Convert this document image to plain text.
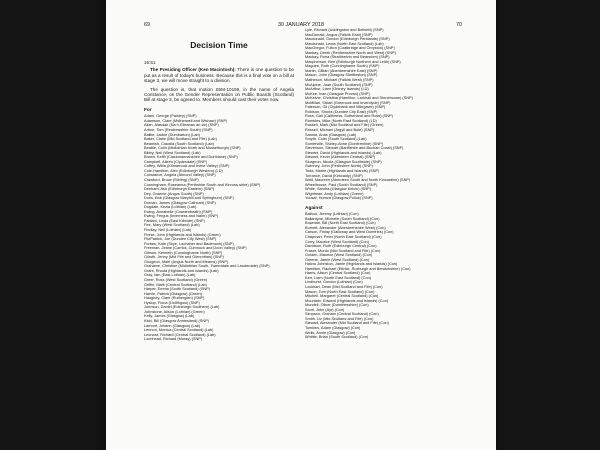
69	30 JANUARY 2018	70
Decision Time

16:51

The Presiding Officer (Ken Macintosh): There is one question to be put as a result of today's business. Because this is a final vote on a bill at stage 3, we will move straight to a division.

The question is, that motion S5M-10159, in the name of Angela Constance, on the Gender Representation on Public Boards (Scotland) Bill at stage 3, be agreed to. Members should cast their votes now.

For
Adam, George (Paisley) (SNP)
Adamson, Clare (Motherwell and Wishaw) (SNP)
Allan, Alasdair (Na h-Eileanan an Iar) (SNP)
Arthur, Tom (Renfrewshire South) (SNP)
Baillie, Jackie (Dumbarton) (Lab)
Baker, Claire (Mid Scotland and Fife) (Lab)
Beamish, Claudia (South Scotland) (Lab)
Beattie, Colin (Midlothian North and Musselburgh) (SNP)
Bibby, Neil (West Scotland) (Lab)
Brown, Keith (Clackmannanshire and Dunblane) (SNP)
Campbell, Aileen (Clydesdale) (SNP)
Coffey, Willie (Kilmarnock and Irvine Valley) (SNP)
Cole-Hamilton, Alex (Edinburgh Western) (LD)
Constance, Angela (Almond Valley) (SNP)
Crawford, Bruce (Stirling) (SNP)
Cunningham, Roseanna (Perthshire South and Kinross-shire) (SNP)
Denham, Ash (Edinburgh Eastern) (SNP)
Dey, Graeme (Angus South) (SNP)
Doris, Bob (Glasgow Maryhill and Springburn) (SNP)
Dornan, James (Glasgow Cathcart) (SNP)
Dugdale, Kezia (Lothian) (Lab)
Ewing, Annabelle (Cowdenbeath) (SNP)
Ewing, Fergus (Inverness and Nairn) (SNP)
Fabiani, Linda (East Kilbride) (SNP)
Fee, Mary (West Scotland) (Lab)
Findlay, Neil (Lothian) (Lab)
Finnie, John (Highlands and Islands) (Green)
FitzPatrick, Joe (Dundee City West) (SNP)
Forbes, Kate (Skye, Lochaber and Badenoch) (SNP)
Freeman, Jeane (Carrick, Cumnock and Doon Valley) (SNP)
Gibson, Kenneth (Cunninghame North) (SNP)
Gilruth, Jenny (Mid Fife and Glenrothes) (SNP)
Gougeon, Mairi (Angus North and Mearns) (SNP)
Grahame, Christine (Midlothian South, Tweeddale and Lauderdale) (SNP)
Grant, Rhoda (Highlands and Islands) (Lab)
Gray, Iain (East Lothian) (Lab)
Greer, Ross (West Scotland) (Green)
Griffin, Mark (Central Scotland) (Lab)
Harper, Emma (South Scotland) (SNP)
Harvie, Patrick (Glasgow) (Green)
Haughey, Clare (Rutherglen) (SNP)
Hyslop, Fiona (Linlithgow) (SNP)
Johnson, Daniel (Edinburgh Southern) (Lab)
Johnstone, Alison (Lothian) (Green)
Kelly, James (Glasgow) (Lab)
Kidd, Bill (Glasgow Anniesland) (SNP)
Lamont, Johann (Glasgow) (Lab)
Lennon, Monica (Central Scotland) (Lab)
Leonard, Richard (Central Scotland) (Lab)
Lochhead, Richard (Moray) (SNP)
Lyle, Richard (Uddingston and Bellshill) (SNP)
MacDonald, Angus (Falkirk East) (SNP)
Macdonald, Gordon (Edinburgh Pentlands) (SNP)
Macdonald, Lewis (North East Scotland) (Lab)
MacGregor, Fulton (Coatbridge and Chryston) (SNP)
Mackay, Derek (Renfrewshire North and West) (SNP)
Mackay, Rona (Strathkelvin and Bearsden) (SNP)
Macpherson, Ben (Edinburgh Northern and Leith) (SNP)
Maguire, Ruth (Cunninghame South) (SNP)
Martin, Gillian (Aberdeenshire East) (SNP)
Mason, John (Glasgow Shettleston) (SNP)
Matheson, Michael (Falkirk West) (SNP)
McAlpine, Joan (South Scotland) (SNP)
McArthur, Liam (Orkney Islands) (LD)
McKee, Ivan (Glasgow Provan) (SNP)
McKelvie, Christina (Hamilton, Larkhall and Stonehouse) (SNP)
McMillan, Stuart (Greenock and Inverclyde) (SNP)
Paterson, Gil (Clydebank and Milngavie) (SNP)
Robison, Shona (Dundee City East) (SNP)
Ross, Gail (Caithness, Sutherland and Ross) (SNP)
Rumbles, Mike (North East Scotland) (LD)
Ruskell, Mark (Mid Scotland and Fife) (Green)
Russell, Michael (Argyll and Bute) (SNP)
Sarwar, Anas (Glasgow) (Lab)
Smyth, Colin (South Scotland) (Lab)
Somerville, Shirley-Anne (Dunfermline) (SNP)
Stevenson, Stewart (Banffshire and Buchan Coast) (SNP)
Stewart, David (Highlands and Islands) (Lab)
Stewart, Kevin (Aberdeen Central) (SNP)
Sturgeon, Nicola (Glasgow Southside) (SNP)
Swinney, John (Perthshire North) (SNP)
Todd, Maree (Highlands and Islands) (SNP)
Torrance, David (Kirkcaldy) (SNP)
Watt, Maureen (Aberdeen South and North Kincardine) (SNP)
Wheelhouse, Paul (South Scotland) (SNP)
White, Sandra (Glasgow Kelvin) (SNP)
Wightman, Andy (Lothian) (Green)
Yousaf, Humza (Glasgow Pollok) (SNP)
Against
Balfour, Jeremy (Lothian) (Con)
Ballantyne, Michelle (South Scotland) (Con)
Bowman, Bill (North East Scotland) (Con)
Burnett, Alexander (Aberdeenshire West) (Con)
Carson, Finlay (Galloway and West Dumfries) (Con)
Chapman, Peter (North East Scotland) (Con)
Corry, Maurice (West Scotland) (Con)
Davidson, Ruth (Edinburgh Central) (Con)
Fraser, Murdo (Mid Scotland and Fife) (Con)
Golden, Maurice (West Scotland) (Con)
Greene, Jamie (West Scotland) (Con)
Halcro Johnston, Jamie (Highlands and Islands) (Con)
Hamilton, Rachael (Ettrick, Roxburgh and Berwickshire) (Con)
Harris, Alison (Central Scotland) (Con)
Kerr, Liam (North East Scotland) (Con)
Lindhurst, Gordon (Lothian) (Con)
Lockhart, Dean (Mid Scotland and Fife) (Con)
Mason, Tom (North East Scotland) (Con)
Mitchell, Margaret (Central Scotland) (Con)
Mountain, Edward (Highlands and Islands) (Con)
Mundell, Oliver (Dumfriesshire) (Con)
Scott, John (Ayr) (Con)
Simpson, Graham (Central Scotland) (Con)
Smith, Liz (Mid Scotland and Fife) (Con)
Stewart, Alexander (Mid Scotland and Fife) (Con)
Tomkins, Adam (Glasgow) (Con)
Wells, Annie (Glasgow) (Con)
Whittle, Brian (South Scotland) (Con)
